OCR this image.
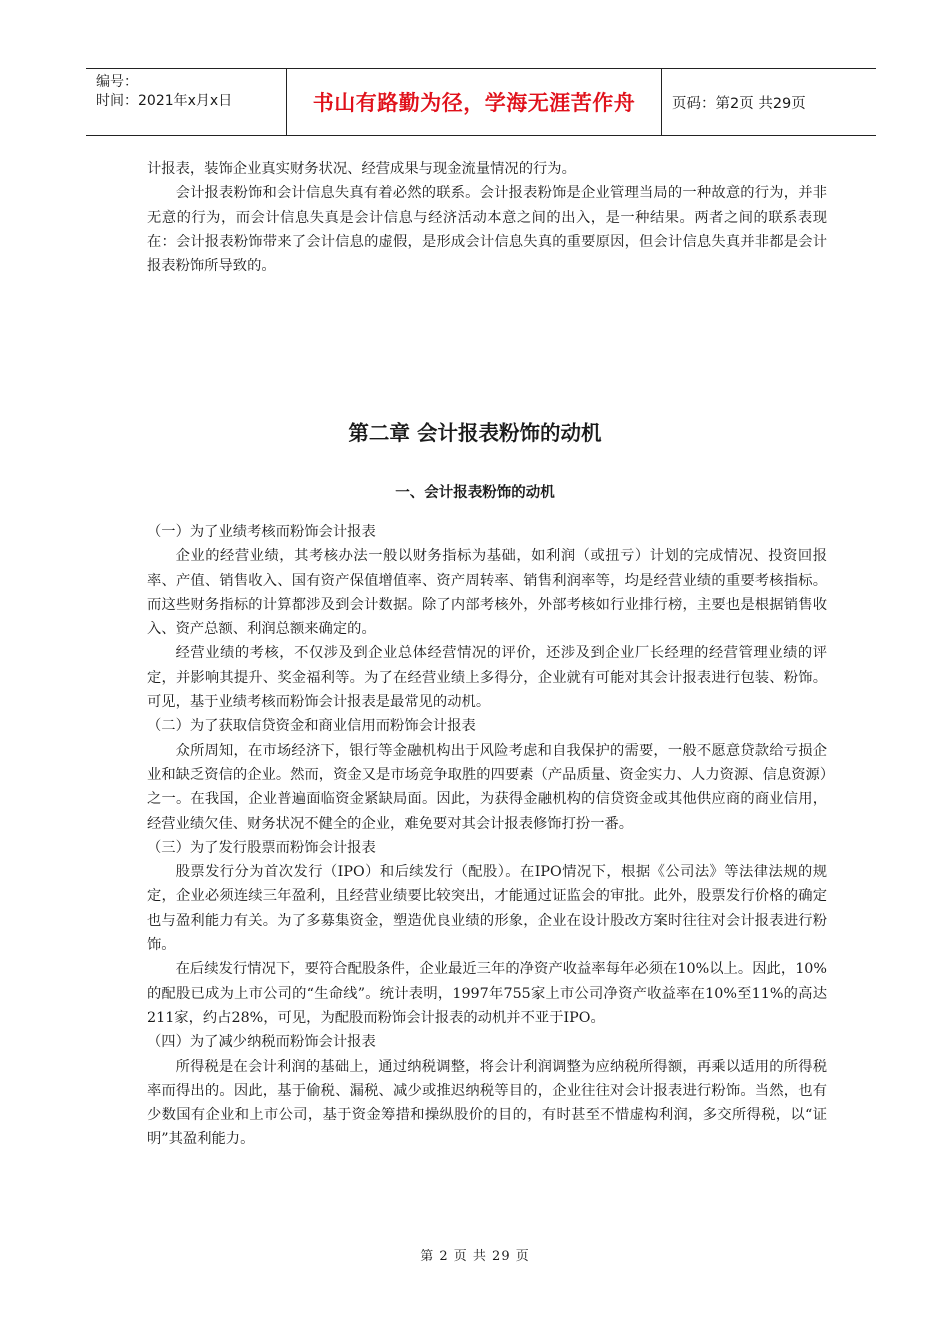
编号：
时间：2021年x月x日	书山有路勤为径，学海无涯苦作舟	页码：第2页 共29页

计报表，装饰企业真实财务状况、经营成果与现金流量情况的行为。

会计报表粉饰和会计信息失真有着必然的联系。会计报表粉饰是企业管理当局的一种故意的行为，并非无意的行为，而会计信息失真是会计信息与经济活动本意之间的出入，是一种结果。两者之间的联系表现在：会计报表粉饰带来了会计信息的虚假，是形成会计信息失真的重要原因，但会计信息失真并非都是会计报表粉饰所导致的。

第二章 会计报表粉饰的动机
一、会计报表粉饰的动机

（一）为了业绩考核而粉饰会计报表

企业的经营业绩，其考核办法一般以财务指标为基础，如利润（或扭亏）计划的完成情况、投资回报率、产值、销售收入、国有资产保值增值率、资产周转率、销售利润率等，均是经营业绩的重要考核指标。而这些财务指标的计算都涉及到会计数据。除了内部考核外，外部考核如行业排行榜，主要也是根据销售收入、资产总额、利润总额来确定的。

经营业绩的考核，不仅涉及到企业总体经营情况的评价，还涉及到企业厂长经理的经营管理业绩的评定，并影响其提升、奖金福利等。为了在经营业绩上多得分，企业就有可能对其会计报表进行包装、粉饰。可见，基于业绩考核而粉饰会计报表是最常见的动机。

（二）为了获取信贷资金和商业信用而粉饰会计报表

众所周知，在市场经济下，银行等金融机构出于风险考虑和自我保护的需要，一般不愿意贷款给亏损企业和缺乏资信的企业。然而，资金又是市场竞争取胜的四要素（产品质量、资金实力、人力资源、信息资源）之一。在我国，企业普遍面临资金紧缺局面。因此，为获得金融机构的信贷资金或其他供应商的商业信用，经营业绩欠佳、财务状况不健全的企业，难免要对其会计报表修饰打扮一番。

（三）为了发行股票而粉饰会计报表

股票发行分为首次发行（IPO）和后续发行（配股）。在IPO情况下，根据《公司法》等法律法规的规定，企业必须连续三年盈利，且经营业绩要比较突出，才能通过证监会的审批。此外，股票发行价格的确定也与盈利能力有关。为了多募集资金，塑造优良业绩的形象，企业在设计股改方案时往往对会计报表进行粉饰。

在后续发行情况下，要符合配股条件，企业最近三年的净资产收益率每年必须在10%以上。因此，10%的配股已成为上市公司的“生命线”。统计表明，1997年755家上市公司净资产收益率在10%至11%的高达211家，约占28%，可见，为配股而粉饰会计报表的动机并不亚于IPO。

（四）为了减少纳税而粉饰会计报表

所得税是在会计利润的基础上，通过纳税调整，将会计利润调整为应纳税所得额，再乘以适用的所得税率而得出的。因此，基于偷税、漏税、减少或推迟纳税等目的，企业往往对会计报表进行粉饰。当然，也有少数国有企业和上市公司，基于资金筹措和操纵股价的目的，有时甚至不惜虚构利润，多交所得税，以“证明”其盈利能力。

第 2 页 共 29 页
